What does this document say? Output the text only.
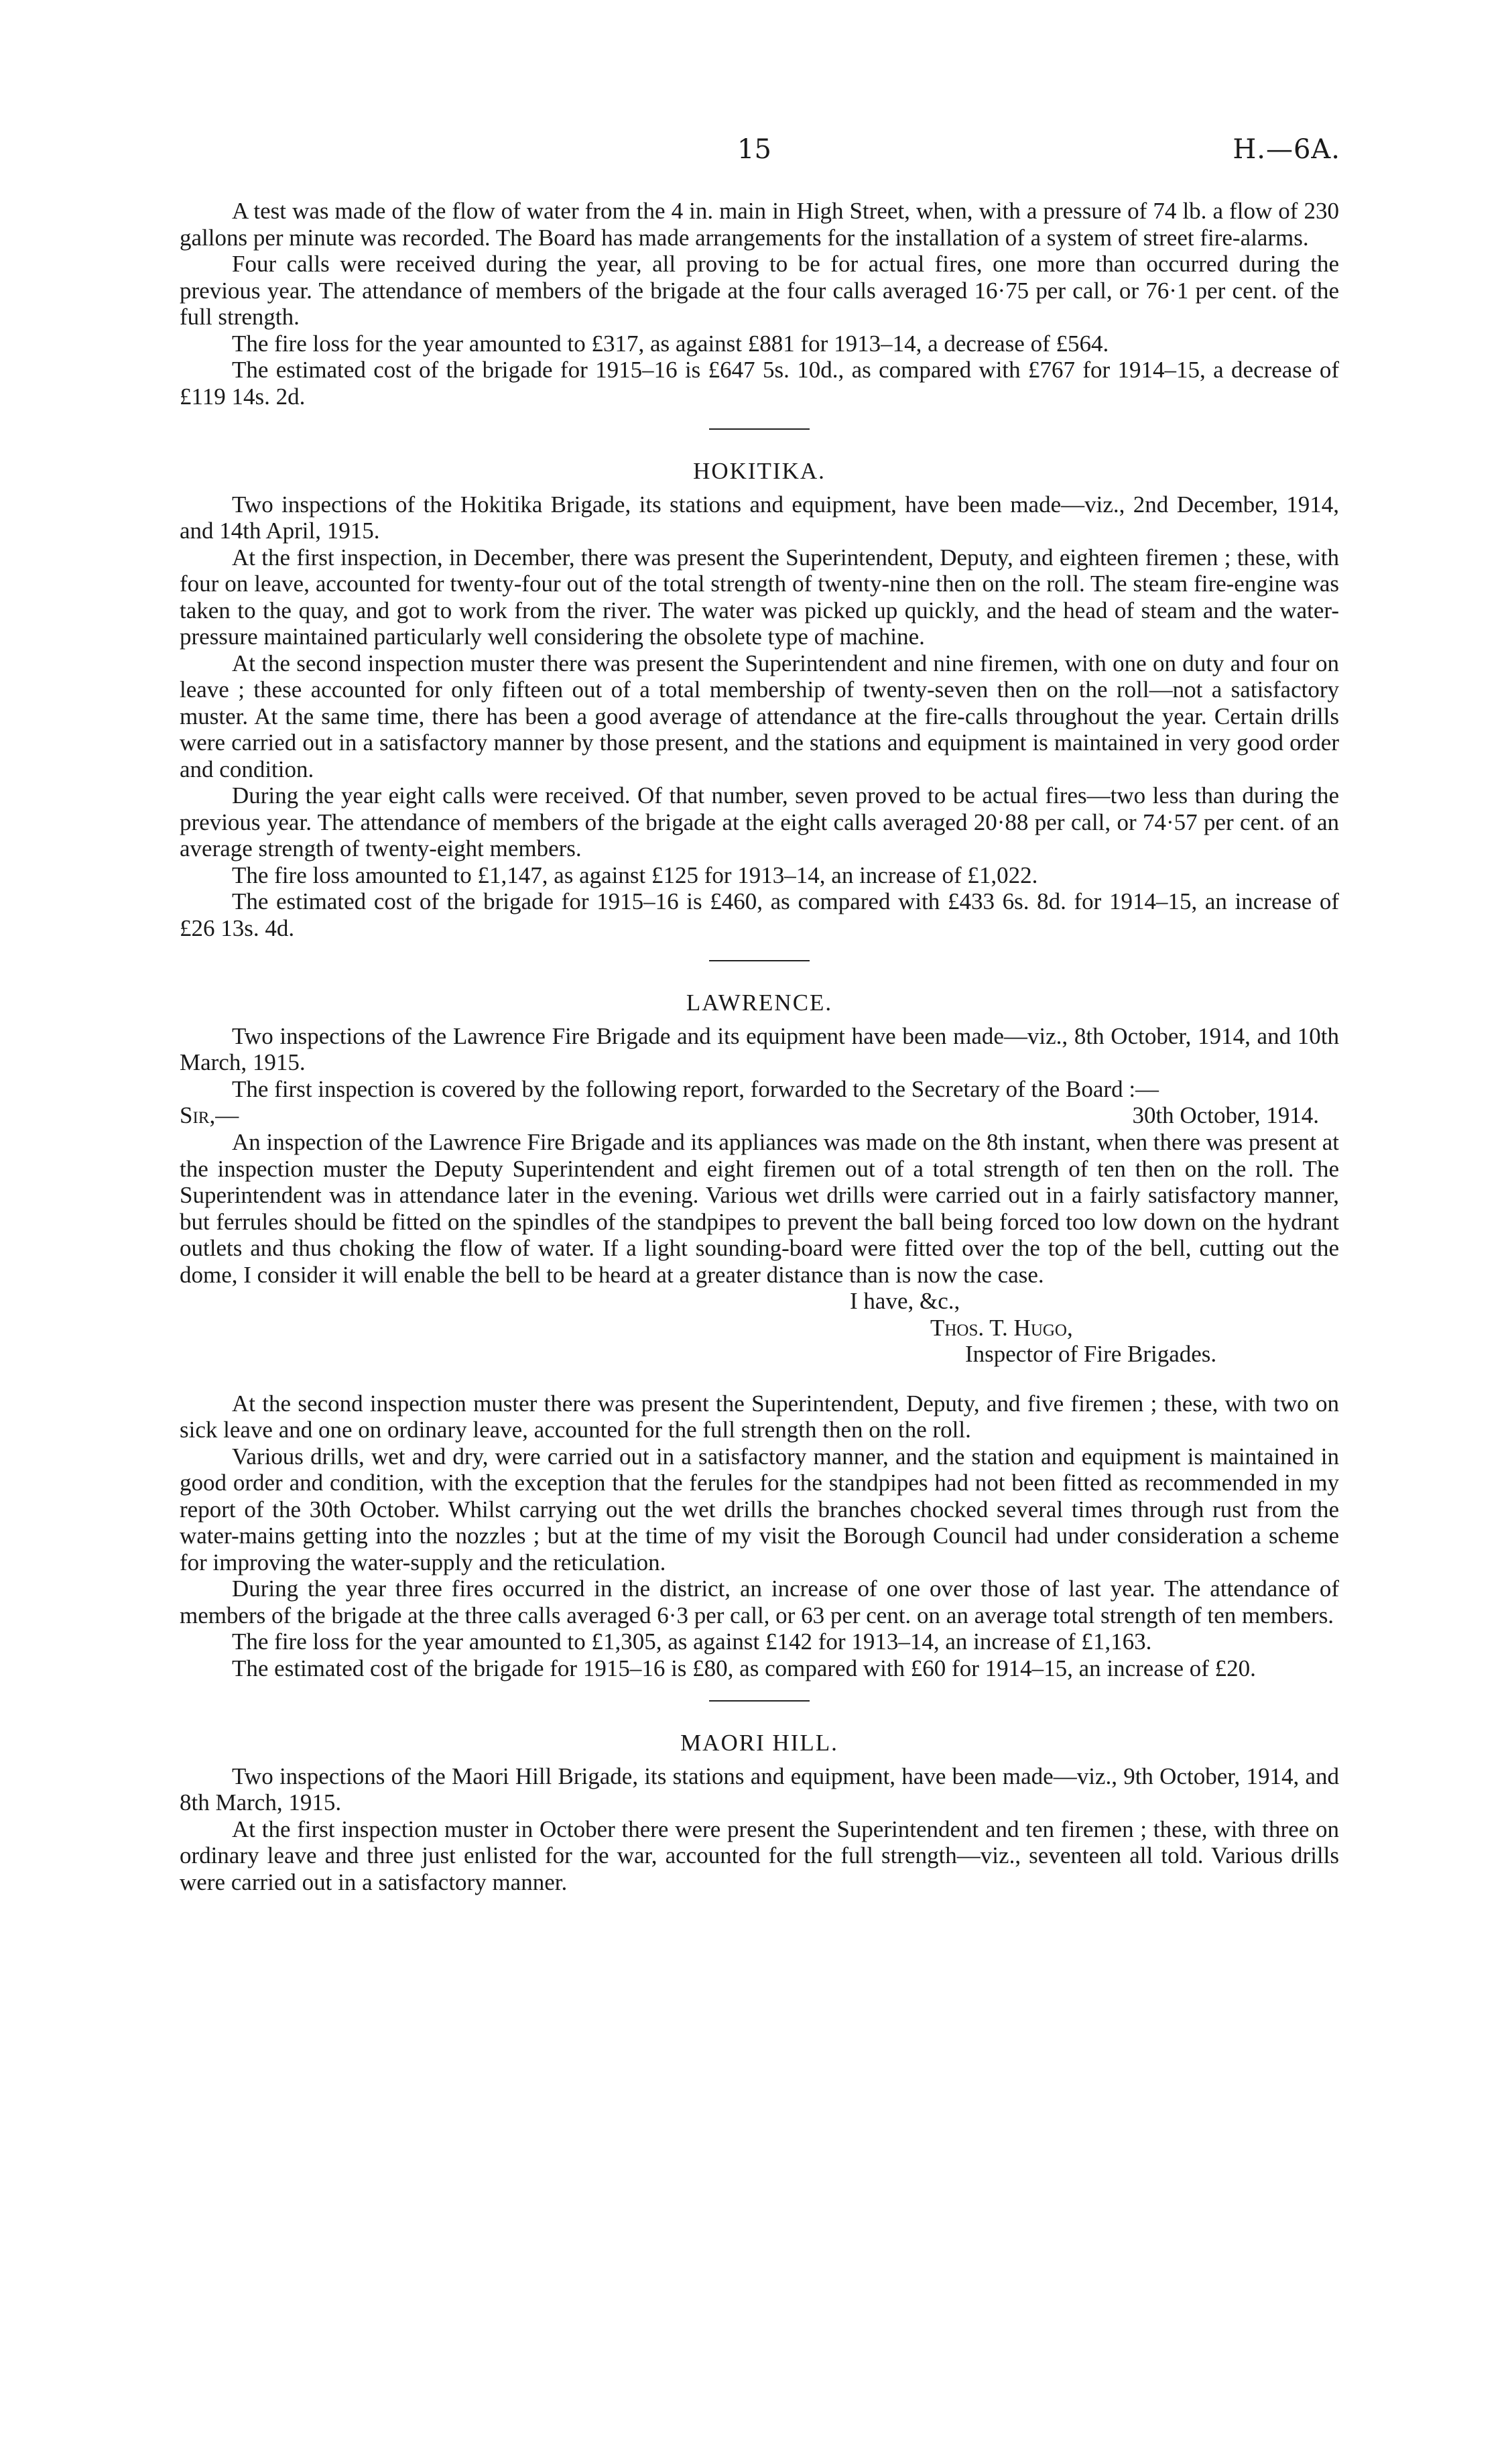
15	H.—6A.

A test was made of the flow of water from the 4 in. main in High Street, when, with a pressure of 74 lb. a flow of 230 gallons per minute was recorded. The Board has made arrangements for the installation of a system of street fire-alarms.

Four calls were received during the year, all proving to be for actual fires, one more than occurred during the previous year. The attendance of members of the brigade at the four calls averaged 16·75 per call, or 76·1 per cent. of the full strength.

The fire loss for the year amounted to £317, as against £881 for 1913–14, a decrease of £564.

The estimated cost of the brigade for 1915–16 is £647 5s. 10d., as compared with £767 for 1914–15, a decrease of £119 14s. 2d.

HOKITIKA.

Two inspections of the Hokitika Brigade, its stations and equipment, have been made—viz., 2nd December, 1914, and 14th April, 1915.

At the first inspection, in December, there was present the Superintendent, Deputy, and eighteen firemen ; these, with four on leave, accounted for twenty-four out of the total strength of twenty-nine then on the roll. The steam fire-engine was taken to the quay, and got to work from the river. The water was picked up quickly, and the head of steam and the water-pressure maintained particularly well considering the obsolete type of machine.

At the second inspection muster there was present the Superintendent and nine firemen, with one on duty and four on leave ; these accounted for only fifteen out of a total membership of twenty-seven then on the roll—not a satisfactory muster. At the same time, there has been a good average of attendance at the fire-calls throughout the year. Certain drills were carried out in a satisfactory manner by those present, and the stations and equipment is maintained in very good order and condition.

During the year eight calls were received. Of that number, seven proved to be actual fires—two less than during the previous year. The attendance of members of the brigade at the eight calls averaged 20·88 per call, or 74·57 per cent. of an average strength of twenty-eight members.

The fire loss amounted to £1,147, as against £125 for 1913–14, an increase of £1,022.

The estimated cost of the brigade for 1915–16 is £460, as compared with £433 6s. 8d. for 1914–15, an increase of £26 13s. 4d.

LAWRENCE.

Two inspections of the Lawrence Fire Brigade and its equipment have been made—viz., 8th October, 1914, and 10th March, 1915.

The first inspection is covered by the following report, forwarded to the Secretary of the Board :—

Sir,—	30th October, 1914.

An inspection of the Lawrence Fire Brigade and its appliances was made on the 8th instant, when there was present at the inspection muster the Deputy Superintendent and eight firemen out of a total strength of ten then on the roll. The Superintendent was in attendance later in the evening. Various wet drills were carried out in a fairly satisfactory manner, but ferrules should be fitted on the spindles of the standpipes to prevent the ball being forced too low down on the hydrant outlets and thus choking the flow of water. If a light sounding-board were fitted over the top of the bell, cutting out the dome, I consider it will enable the bell to be heard at a greater distance than is now the case.

I have, &c.,

Thos. T. Hugo,

Inspector of Fire Brigades.

At the second inspection muster there was present the Superintendent, Deputy, and five firemen ; these, with two on sick leave and one on ordinary leave, accounted for the full strength then on the roll.

Various drills, wet and dry, were carried out in a satisfactory manner, and the station and equipment is maintained in good order and condition, with the exception that the ferules for the standpipes had not been fitted as recommended in my report of the 30th October. Whilst carrying out the wet drills the branches chocked several times through rust from the water-mains getting into the nozzles ; but at the time of my visit the Borough Council had under consideration a scheme for improving the water-supply and the reticulation.

During the year three fires occurred in the district, an increase of one over those of last year. The attendance of members of the brigade at the three calls averaged 6·3 per call, or 63 per cent. on an average total strength of ten members.

The fire loss for the year amounted to £1,305, as against £142 for 1913–14, an increase of £1,163.

The estimated cost of the brigade for 1915–16 is £80, as compared with £60 for 1914–15, an increase of £20.

MAORI HILL.

Two inspections of the Maori Hill Brigade, its stations and equipment, have been made—viz., 9th October, 1914, and 8th March, 1915.

At the first inspection muster in October there were present the Superintendent and ten firemen ; these, with three on ordinary leave and three just enlisted for the war, accounted for the full strength—viz., seventeen all told. Various drills were carried out in a satisfactory manner.
